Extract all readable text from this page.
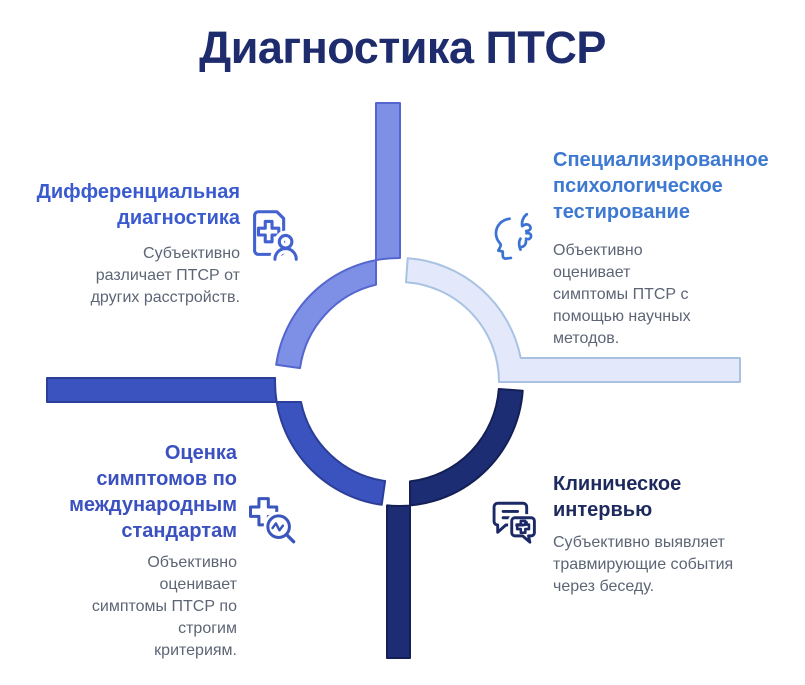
Диагностика ПТСР
Дифференциальная диагностика

Субъективно различает ПТСР от других расстройств.

Специализированное психологическое тестирование

Объективно оценивает симптомы ПТСР с помощью научных методов.

Оценка симптомов по международным стандартам

Объективно оценивает симптомы ПТСР по строгим критериям.

Клиническое интервью

Субъективно выявляет травмирующие события через беседу.
